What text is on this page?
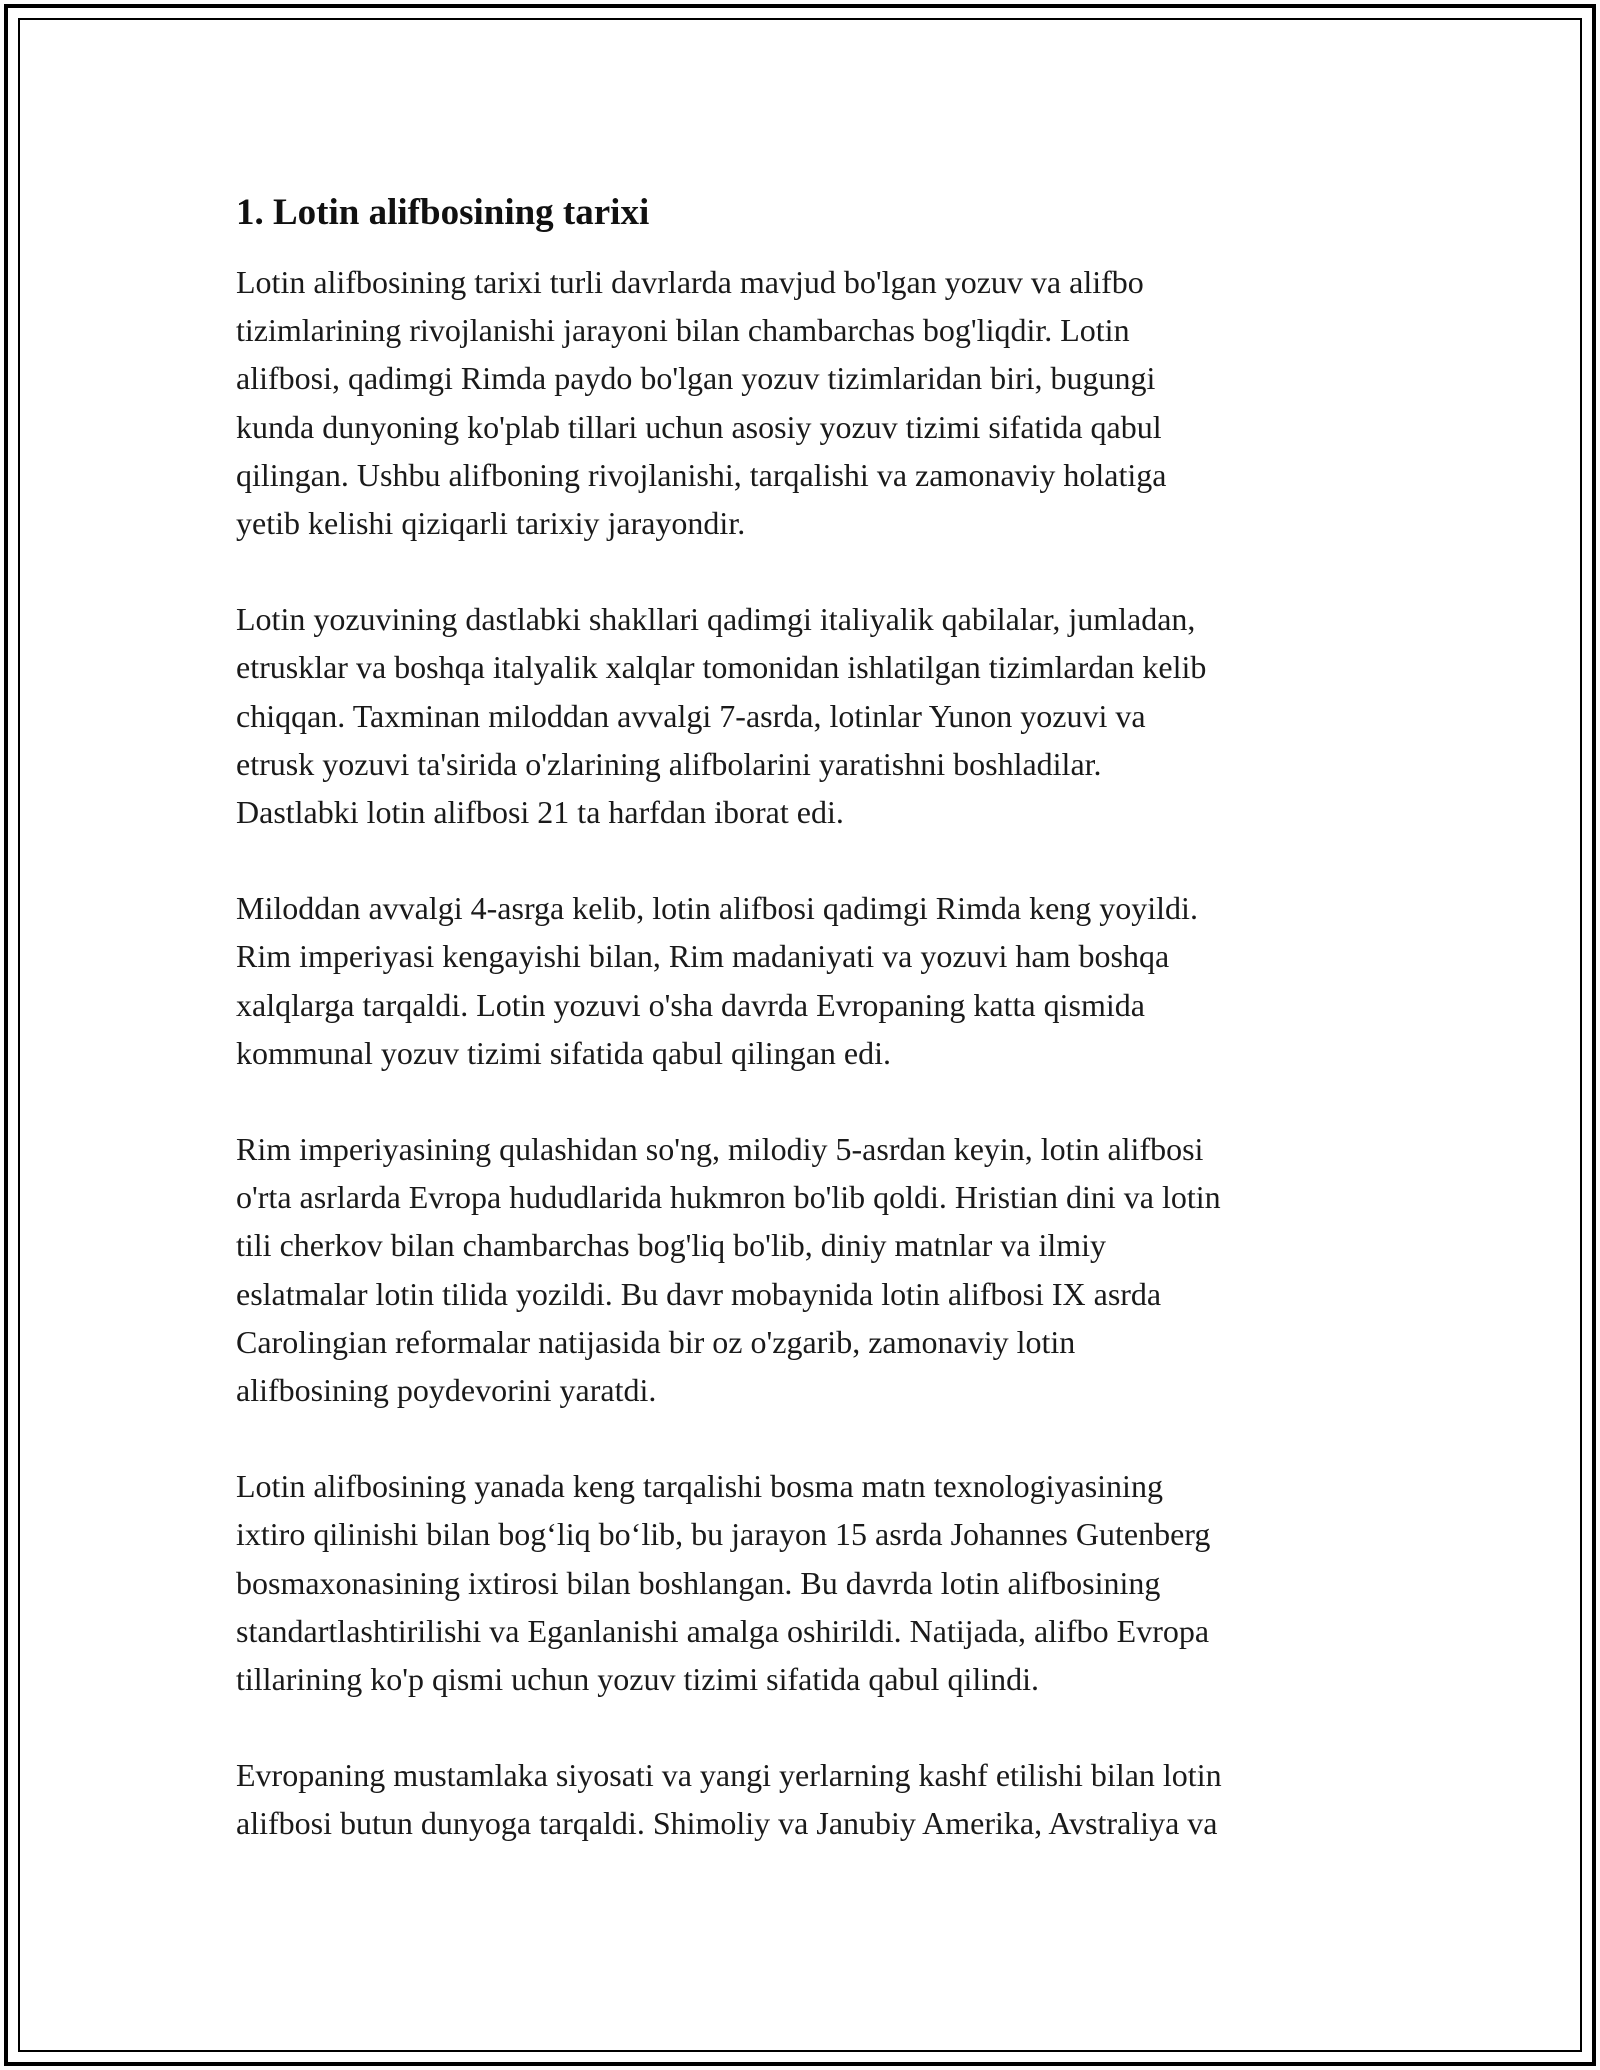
1. Lotin alifbosining tarixi

Lotin alifbosining tarixi turli davrlarda mavjud bo'lgan yozuv va alifbo
tizimlarining rivojlanishi jarayoni bilan chambarchas bog'liqdir. Lotin
alifbosi, qadimgi Rimda paydo bo'lgan yozuv tizimlaridan biri, bugungi
kunda dunyoning ko'plab tillari uchun asosiy yozuv tizimi sifatida qabul
qilingan. Ushbu alifboning rivojlanishi, tarqalishi va zamonaviy holatiga
yetib kelishi qiziqarli tarixiy jarayondir.

Lotin yozuvining dastlabki shakllari qadimgi italiyalik qabilalar, jumladan,
etrusklar va boshqa italyalik xalqlar tomonidan ishlatilgan tizimlardan kelib
chiqqan. Taxminan miloddan avvalgi 7-asrda, lotinlar Yunon yozuvi va
etrusk yozuvi ta'sirida o'zlarining alifbolarini yaratishni boshladilar.
Dastlabki lotin alifbosi 21 ta harfdan iborat edi.

Miloddan avvalgi 4-asrga kelib, lotin alifbosi qadimgi Rimda keng yoyildi.
Rim imperiyasi kengayishi bilan, Rim madaniyati va yozuvi ham boshqa
xalqlarga tarqaldi. Lotin yozuvi o'sha davrda Evropaning katta qismida
kommunal yozuv tizimi sifatida qabul qilingan edi.

Rim imperiyasining qulashidan so'ng, milodiy 5-asrdan keyin, lotin alifbosi
o'rta asrlarda Evropa hududlarida hukmron bo'lib qoldi. Hristian dini va lotin
tili cherkov bilan chambarchas bog'liq bo'lib, diniy matnlar va ilmiy
eslatmalar lotin tilida yozildi. Bu davr mobaynida lotin alifbosi IX asrda
Carolingian reformalar natijasida bir oz o'zgarib, zamonaviy lotin
alifbosining poydevorini yaratdi.

Lotin alifbosining yanada keng tarqalishi bosma matn texnologiyasining
ixtiro qilinishi bilan bog‘liq bo‘lib, bu jarayon 15 asrda Johannes Gutenberg
bosmaxonasining ixtirosi bilan boshlangan. Bu davrda lotin alifbosining
standartlashtirilishi va Eganlanishi amalga oshirildi. Natijada, alifbo Evropa
tillarining ko'p qismi uchun yozuv tizimi sifatida qabul qilindi.

Evropaning mustamlaka siyosati va yangi yerlarning kashf etilishi bilan lotin
alifbosi butun dunyoga tarqaldi. Shimoliy va Janubiy Amerika, Avstraliya va
